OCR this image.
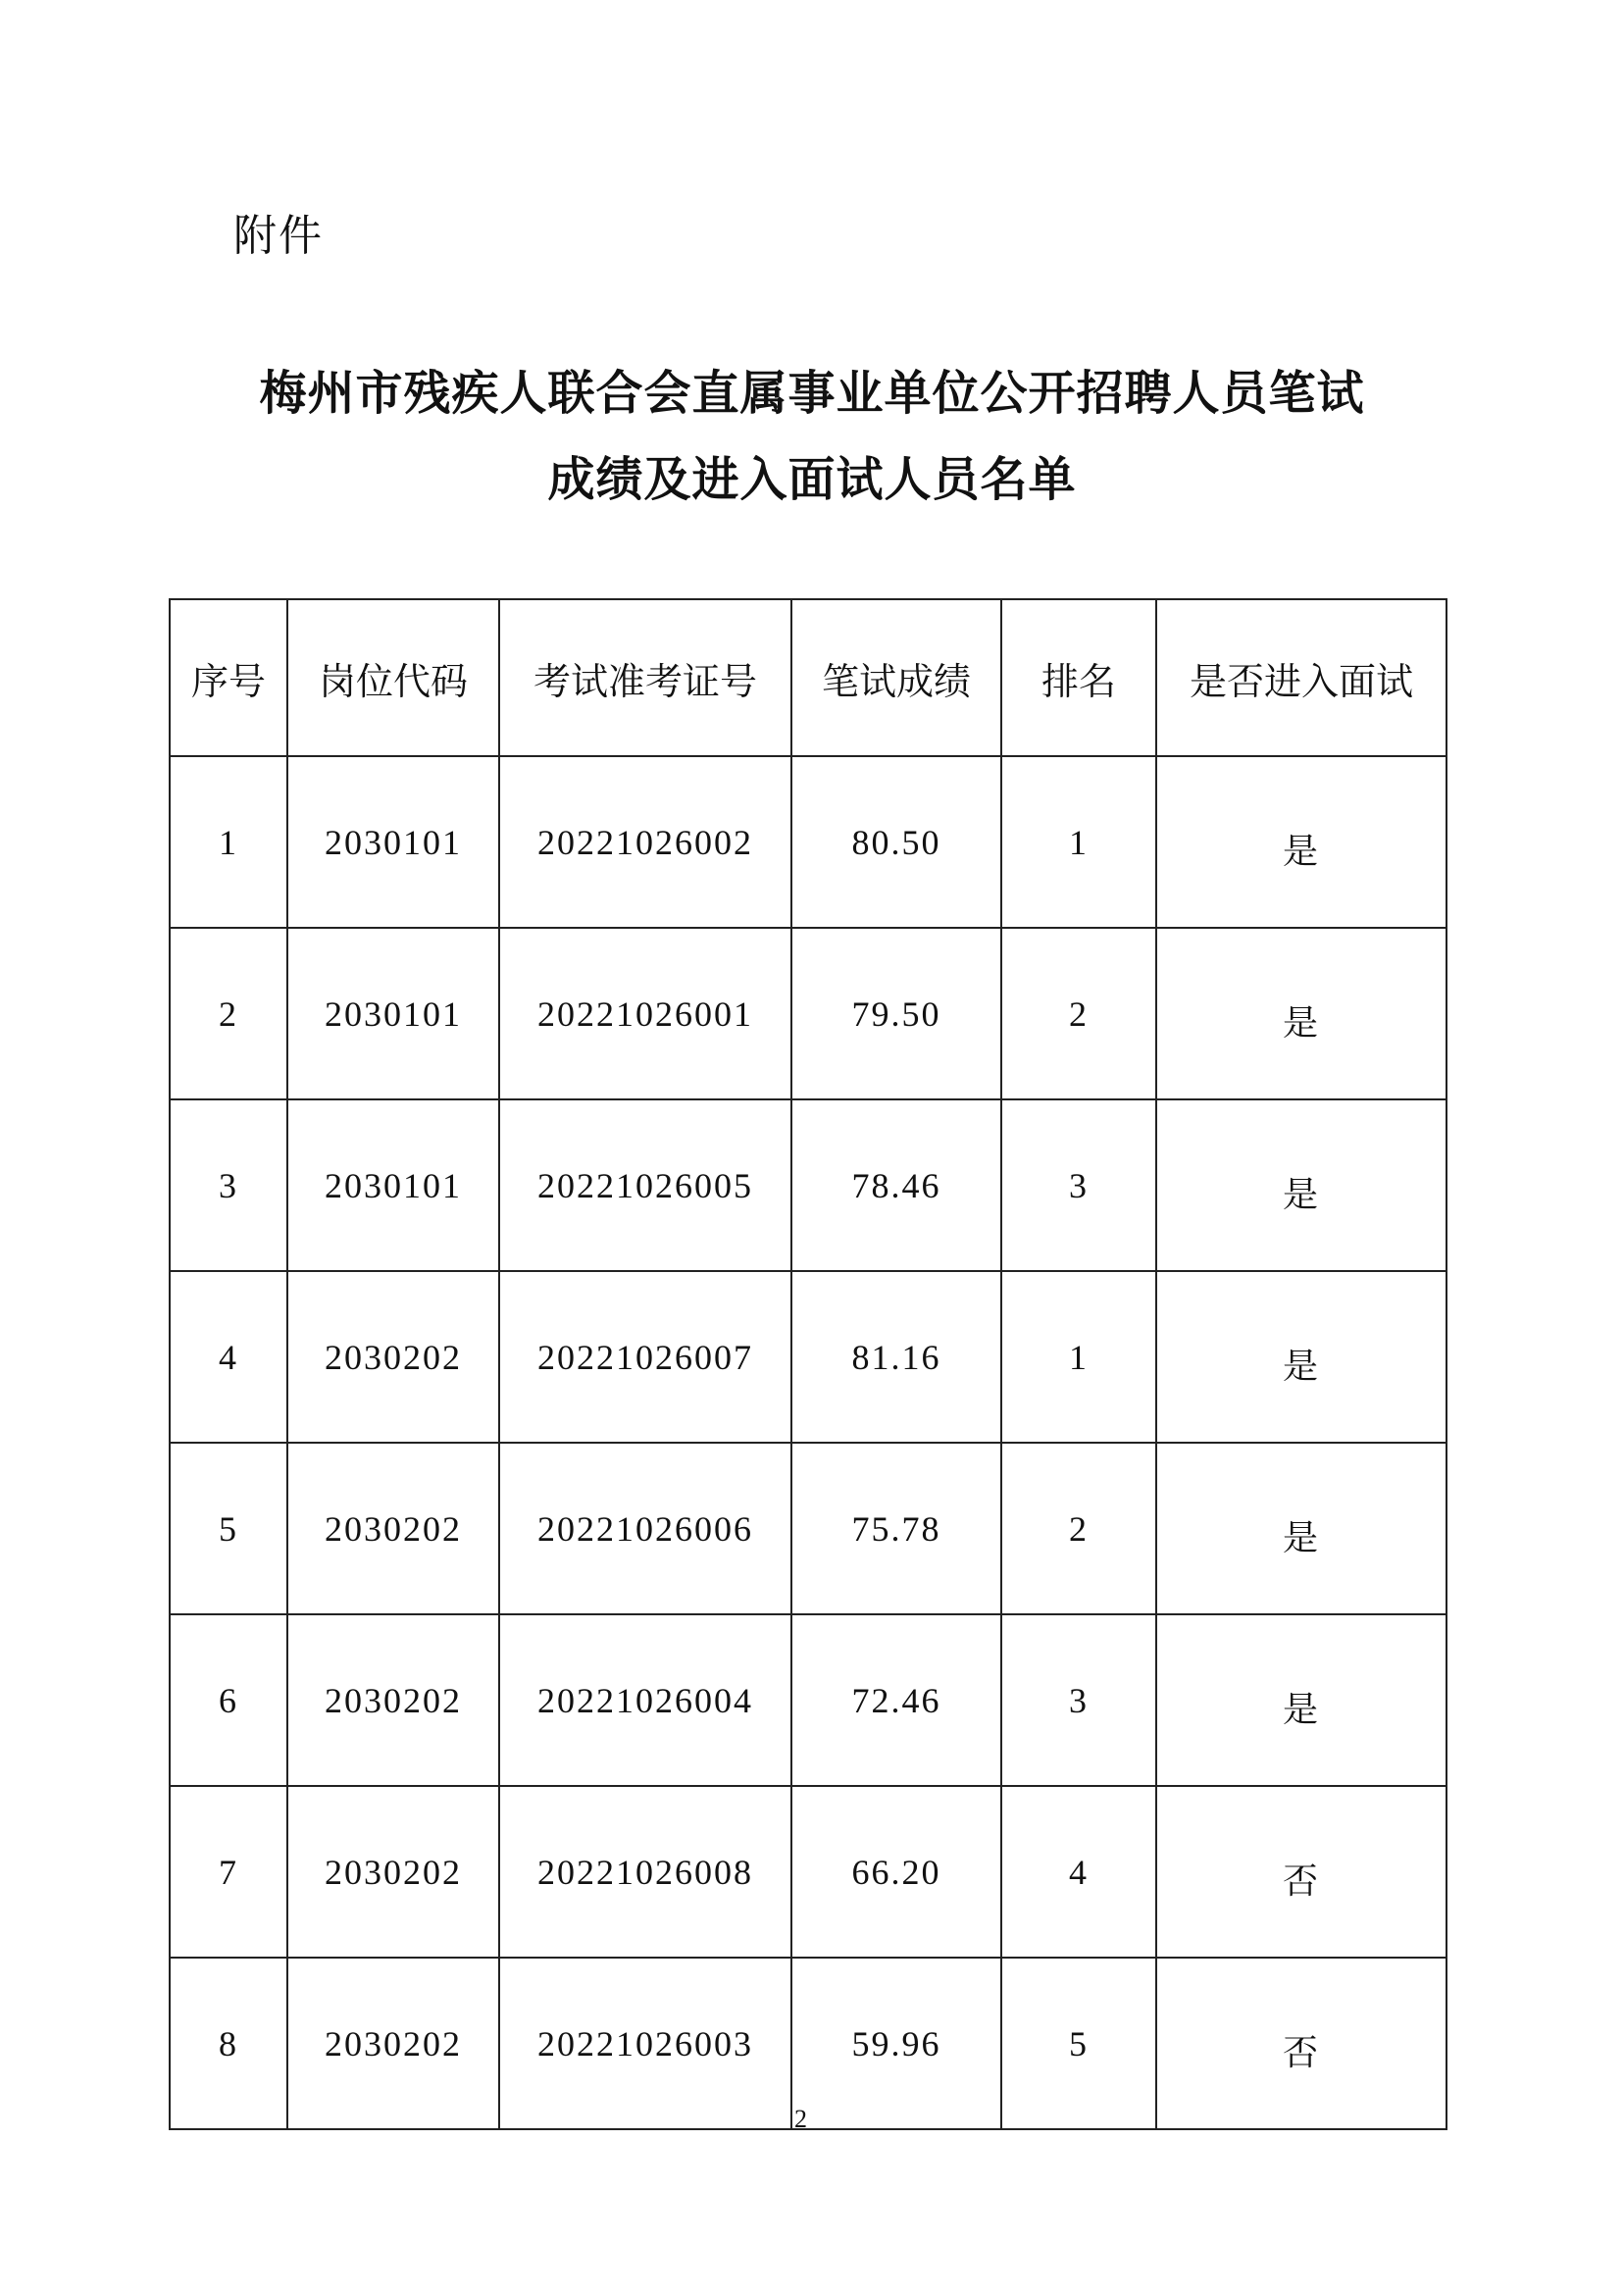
附件
梅州市残疾人联合会直属事业单位公开招聘人员笔试
成绩及进入面试人员名单
序号	岗位代码	考试准考证号	笔试成绩	排名	是否进入面试
1	2030101	20221026002	80.50	1	是
2	2030101	20221026001	79.50	2	是
3	2030101	20221026005	78.46	3	是
4	2030202	20221026007	81.16	1	是
5	2030202	20221026006	75.78	2	是
6	2030202	20221026004	72.46	3	是
7	2030202	20221026008	66.20	4	否
8	2030202	20221026003	59.96	5	否
2
